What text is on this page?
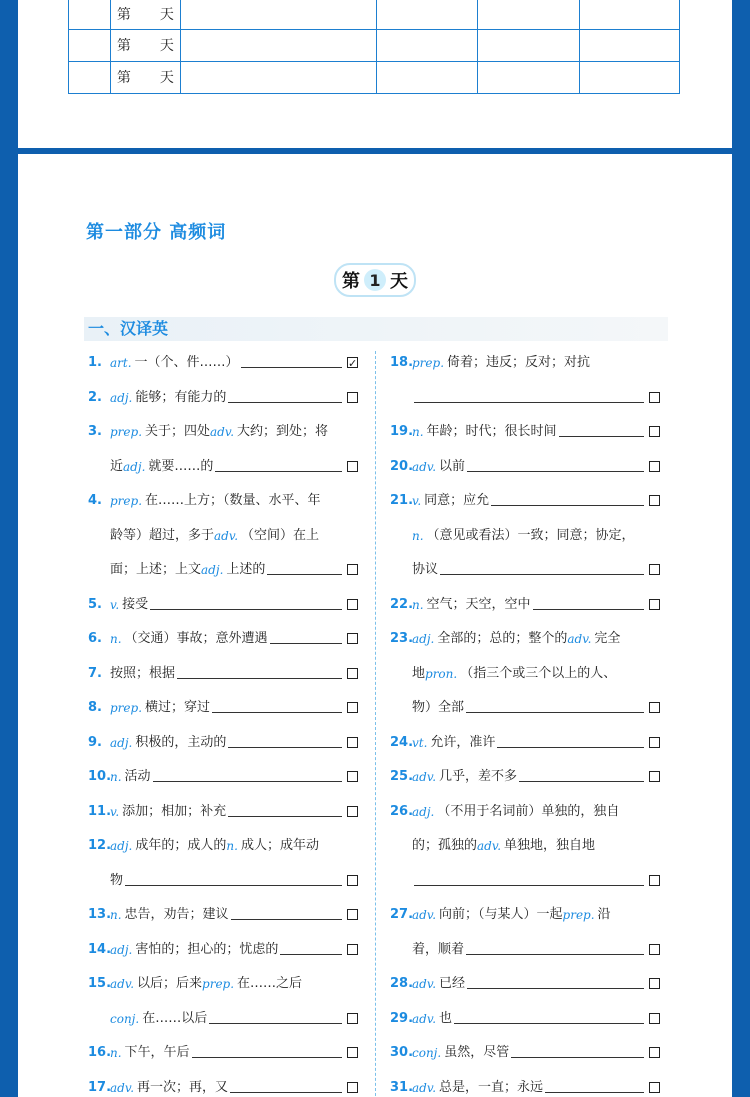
	第 天				

	第 天				

	第 天				

第一部分 高频词
第 1 天
一、汉译英
1. art. 一（个、件……）
✓
2. adj. 能够；有能力的
3. prep. 关于；四处 adv. 大约；到处；将
近 adj. 就要……的
4. prep. 在……上方；（数量、水平、年
龄等）超过，多于 adv. （空间）在上
面；上述；上文 adj. 上述的
5. v. 接受
6. n. （交通）事故；意外遭遇
7. 按照；根据
8. prep. 横过；穿过
9. adj. 积极的，主动的
10.
n. 活动
11.
v. 添加；相加；补充
12.
adj. 成年的；成人的 n. 成人；成年动
物
13.
n. 忠告，劝告；建议
14.
adj. 害怕的；担心的；忧虑的
15.
adv. 以后；后来 prep. 在……之后
conj. 在……以后
16.
n. 下午，午后
17.
adv. 再一次；再，又
18.
prep. 倚着；违反；反对；对抗
19.
n. 年龄；时代；很长时间
20.
adv. 以前
21.
v. 同意；应允
n. （意见或看法）一致；同意；协定，
协议
22.
n. 空气；天空，空中
23.
adj. 全部的；总的；整个的 adv. 完全
地 pron. （指三个或三个以上的人、
物）全部
24.
vt. 允许，准许
25.
adv. 几乎，差不多
26.
adj. （不用于名词前）单独的，独自
的；孤独的 adv. 单独地，独自地
27.
adv. 向前；（与某人）一起 prep. 沿
着，顺着
28.
adv. 已经
29.
adv. 也
30.
conj. 虽然，尽管
31.
adv. 总是，一直；永远
